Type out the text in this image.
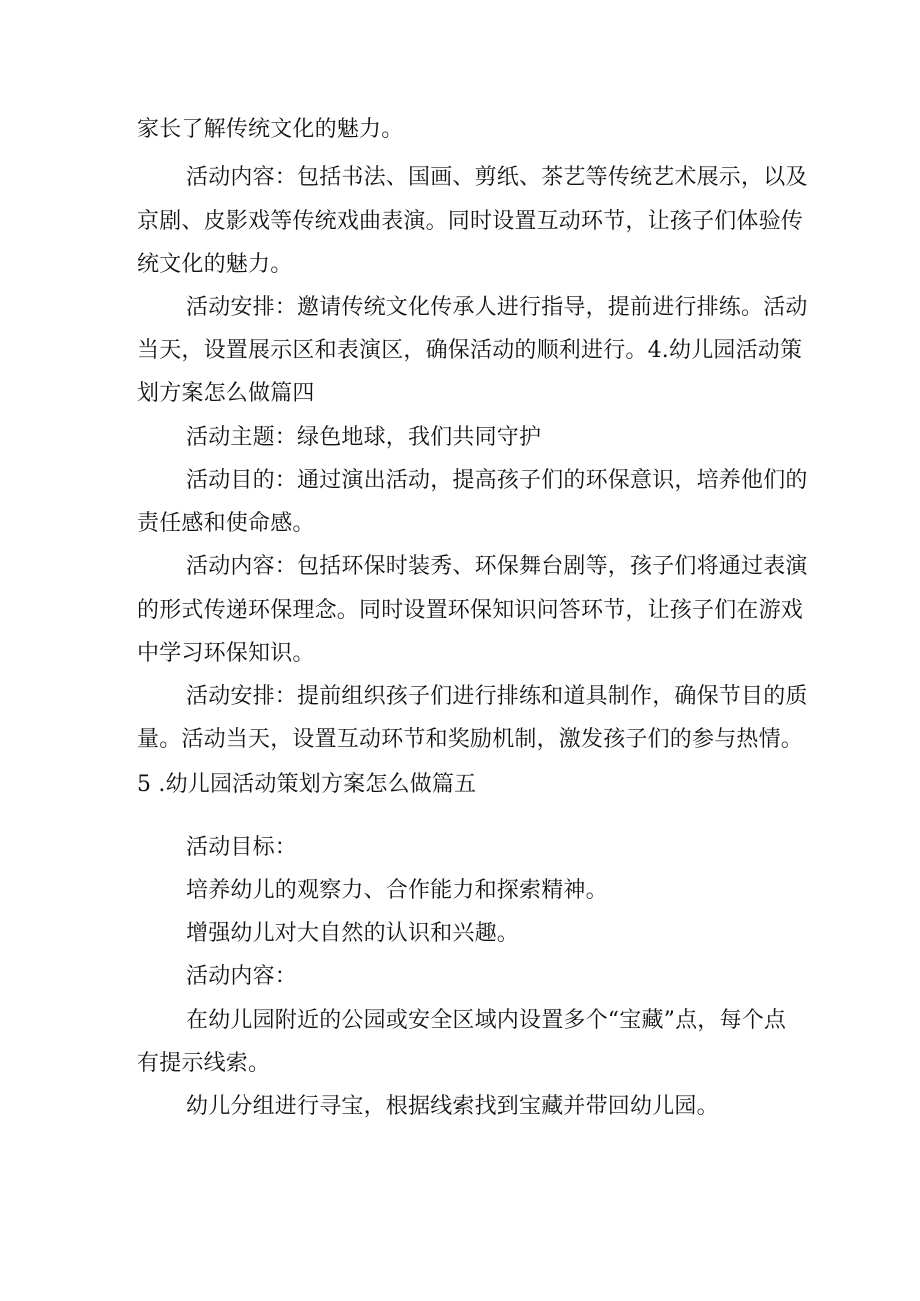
家长了解传统文化的魅力。
活动内容：包括书法、国画、剪纸、茶艺等传统艺术展示，以及
京剧、皮影戏等传统戏曲表演。同时设置互动环节，让孩子们体验传
统文化的魅力。
活动安排：邀请传统文化传承人进行指导，提前进行排练。活动
当天，设置展示区和表演区，确保活动的顺利进行。4.幼儿园活动策
划方案怎么做篇四
活动主题：绿色地球，我们共同守护
活动目的：通过演出活动，提高孩子们的环保意识，培养他们的
责任感和使命感。
活动内容：包括环保时装秀、环保舞台剧等，孩子们将通过表演
的形式传递环保理念。同时设置环保知识问答环节，让孩子们在游戏
中学习环保知识。
活动安排：提前组织孩子们进行排练和道具制作，确保节目的质
量。活动当天，设置互动环节和奖励机制，激发孩子们的参与热情。
5 .幼儿园活动策划方案怎么做篇五
活动目标：
培养幼儿的观察力、合作能力和探索精神。
增强幼儿对大自然的认识和兴趣。
活动内容：
在幼儿园附近的公园或安全区域内设置多个“宝藏”点，每个点
有提示线索。
幼儿分组进行寻宝，根据线索找到宝藏并带回幼儿园。
